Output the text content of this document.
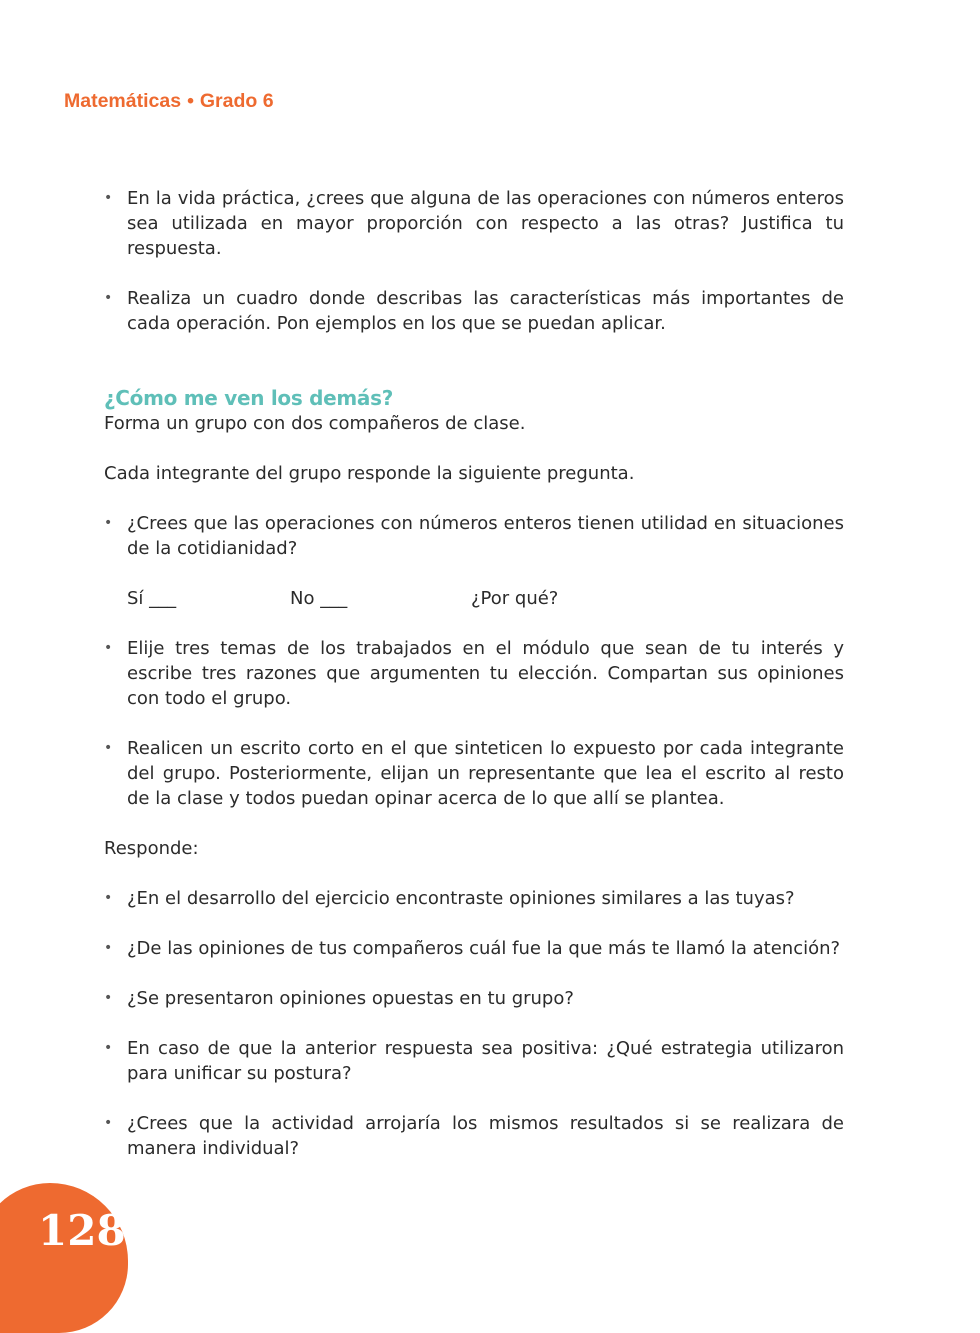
Matemáticas • Grado 6
• En la vida práctica, ¿crees que alguna de las operaciones con números enteros sea utilizada en mayor proporción con respecto a las otras? Justifica tu respuesta.
• Realiza un cuadro donde describas las características más importantes de cada operación. Pon ejemplos en los que se puedan aplicar.
¿Cómo me ven los demás?

Forma un grupo con dos compañeros de clase.

Cada integrante del grupo responde la siguiente pregunta.

• ¿Crees que las operaciones con números enteros tienen utilidad en situaciones de la cotidianidad?
Sí ___	No ___	¿Por qué?
• Elije tres temas de los trabajados en el módulo que sean de tu interés y escribe tres razones que argumenten tu elección. Compartan sus opiniones con todo el grupo.
• Realicen un escrito corto en el que sinteticen lo expuesto por cada integrante del grupo. Posteriormente, elijan un representante que lea el escrito al resto de la clase y todos puedan opinar acerca de lo que allí se plantea.

Responde:

• ¿En el desarrollo del ejercicio encontraste opiniones similares a las tuyas?
• ¿De las opiniones de tus compañeros cuál fue la que más te llamó la atención?
• ¿Se presentaron opiniones opuestas en tu grupo?
• En caso de que la anterior respuesta sea positiva: ¿Qué estrategia utilizaron para unificar su postura?
• ¿Crees que la actividad arrojaría los mismos resultados si se realizara de manera individual?
128
